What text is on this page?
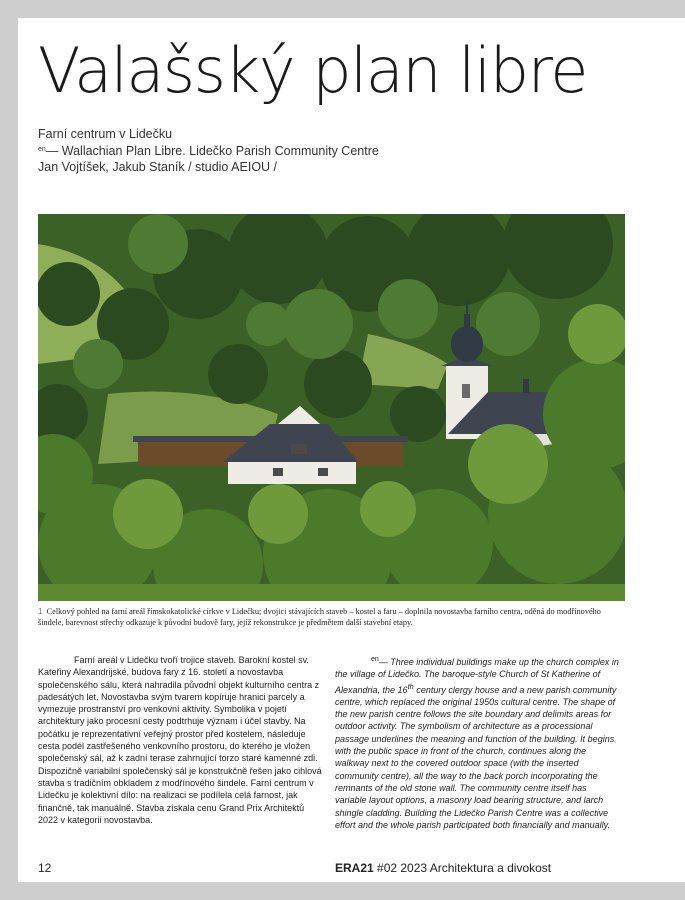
Valašský plan libre
Farní centrum v Lidečku
$^{en}$— Wallachian Plan Libre. Lidečko Parish Community Centre
Jan Vojtíšek, Jakub Staník / studio AEIOU /
1 Celkový pohled na farní areál římskokatolické církve v Lidečku; dvojici stávajících staveb – kostel a faru – doplnila novostavba farního centra, oděná do modřínového šindele, barevnost střechy odkazuje k původní budově fary, jejíž rekonstrukce je předmětem další stavební etapy.

Farní areál v Lidečku tvoří trojice staveb. Barokní kostel sv. Kateřiny Alexandrijské, budova fary z 16. století a novostavba společenského sálu, která nahradila původní objekt kulturního centra z padesátých let. Novostavba svým tvarem kopíruje hranici parcely a vymezuje prostranství pro venkovní aktivity. Symbolika v pojetí architektury jako procesní cesty podtrhuje význam i účel stavby. Na počátku je reprezentativní veřejný prostor před kostelem, následuje cesta podél zastřešeného venkovního prostoru, do kterého je vložen společenský sál, až k zadní terase zahrnující torzo staré kamenné zdi. Dispozičně variabilní společenský sál je konstrukčně řešen jako cihlová stavba s tradičním obkladem z modřínového šindele. Farní centrum v Lidečku je kolektivní dílo: na realizaci se podílela celá farnost, jak finančně, tak manuálně. Stavba získala cenu Grand Prix Architektů 2022 v kategorii novostavba.

$^{en}$— Three individual buildings make up the church complex in the village of Lidečko. The baroque-style Church of St Katherine of Alexandria, the 16th century clergy house and a new parish community centre, which replaced the original 1950s cultural centre. The shape of the new parish centre follows the site boundary and delimits areas for outdoor activity. The symbolism of architecture as a processional passage underlines the meaning and function of the building. It begins with the public space in front of the church, continues along the walkway next to the covered outdoor space (with the inserted community centre), all the way to the back porch incorporating the remnants of the old stone wall. The community centre itself has variable layout options, a masonry load bearing structure, and larch shingle cladding. Building the Lidečko Parish Centre was a collective effort and the whole parish participated both financially and manually.

12	ERA21 #02 2023 Architektura a divokost
